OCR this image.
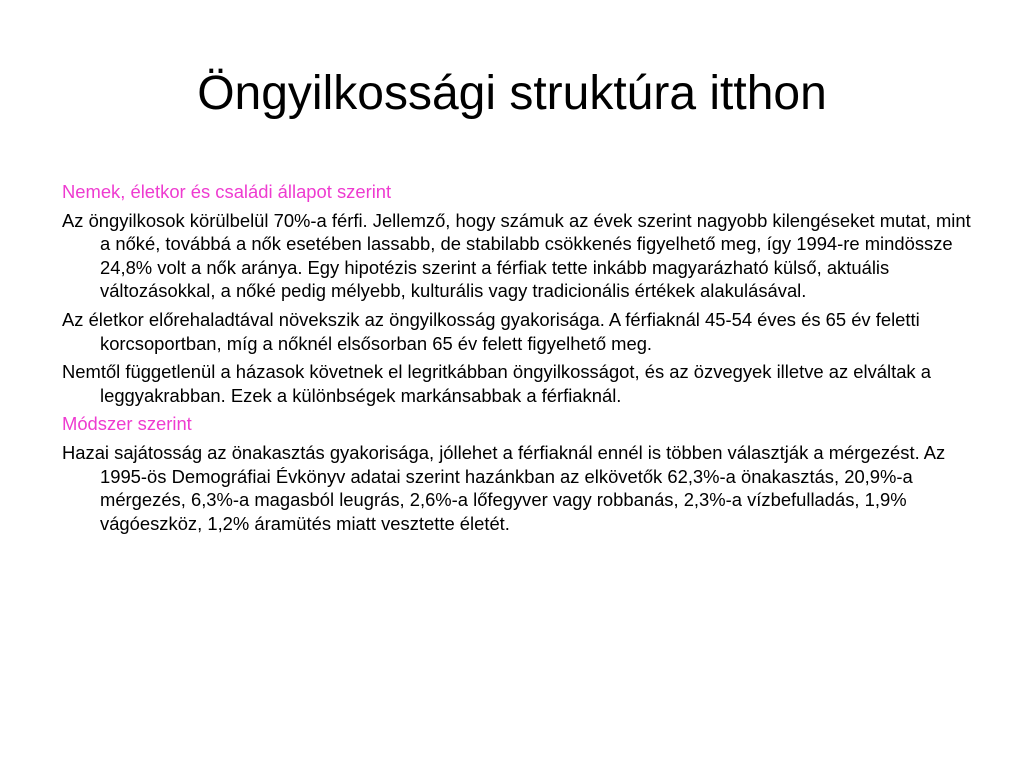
Öngyilkossági struktúra itthon

Nemek, életkor és családi állapot szerint

Az öngyilkosok körülbelül 70%-a férfi. Jellemző, hogy számuk az évek szerint nagyobb kilengéseket mutat, mint a nőké, továbbá a nők esetében lassabb, de stabilabb csökkenés figyelhető meg, így 1994-re mindössze 24,8% volt a nők aránya. Egy hipotézis szerint a férfiak tette inkább magyarázható külső, aktuális változásokkal, a nőké pedig mélyebb, kulturális vagy tradicionális értékek alakulásával.

Az életkor előrehaladtával növekszik az öngyilkosság gyakorisága. A férfiaknál 45-54 éves és 65 év feletti korcsoportban, míg a nőknél elsősorban 65 év felett figyelhető meg.

Nemtől függetlenül a házasok követnek el legritkábban öngyilkosságot, és az özvegyek illetve az elváltak a leggyakrabban. Ezek a különbségek markánsabbak a férfiaknál.

Módszer szerint

Hazai sajátosság az önakasztás gyakorisága, jóllehet a férfiaknál ennél is többen választják a mérgezést. Az 1995-ös Demográfiai Évkönyv adatai szerint hazánkban az elkövetők 62,3%-a önakasztás, 20,9%-a mérgezés, 6,3%-a magasból leugrás, 2,6%-a lőfegyver vagy robbanás, 2,3%-a vízbefulladás, 1,9% vágóeszköz, 1,2% áramütés miatt vesztette életét.
